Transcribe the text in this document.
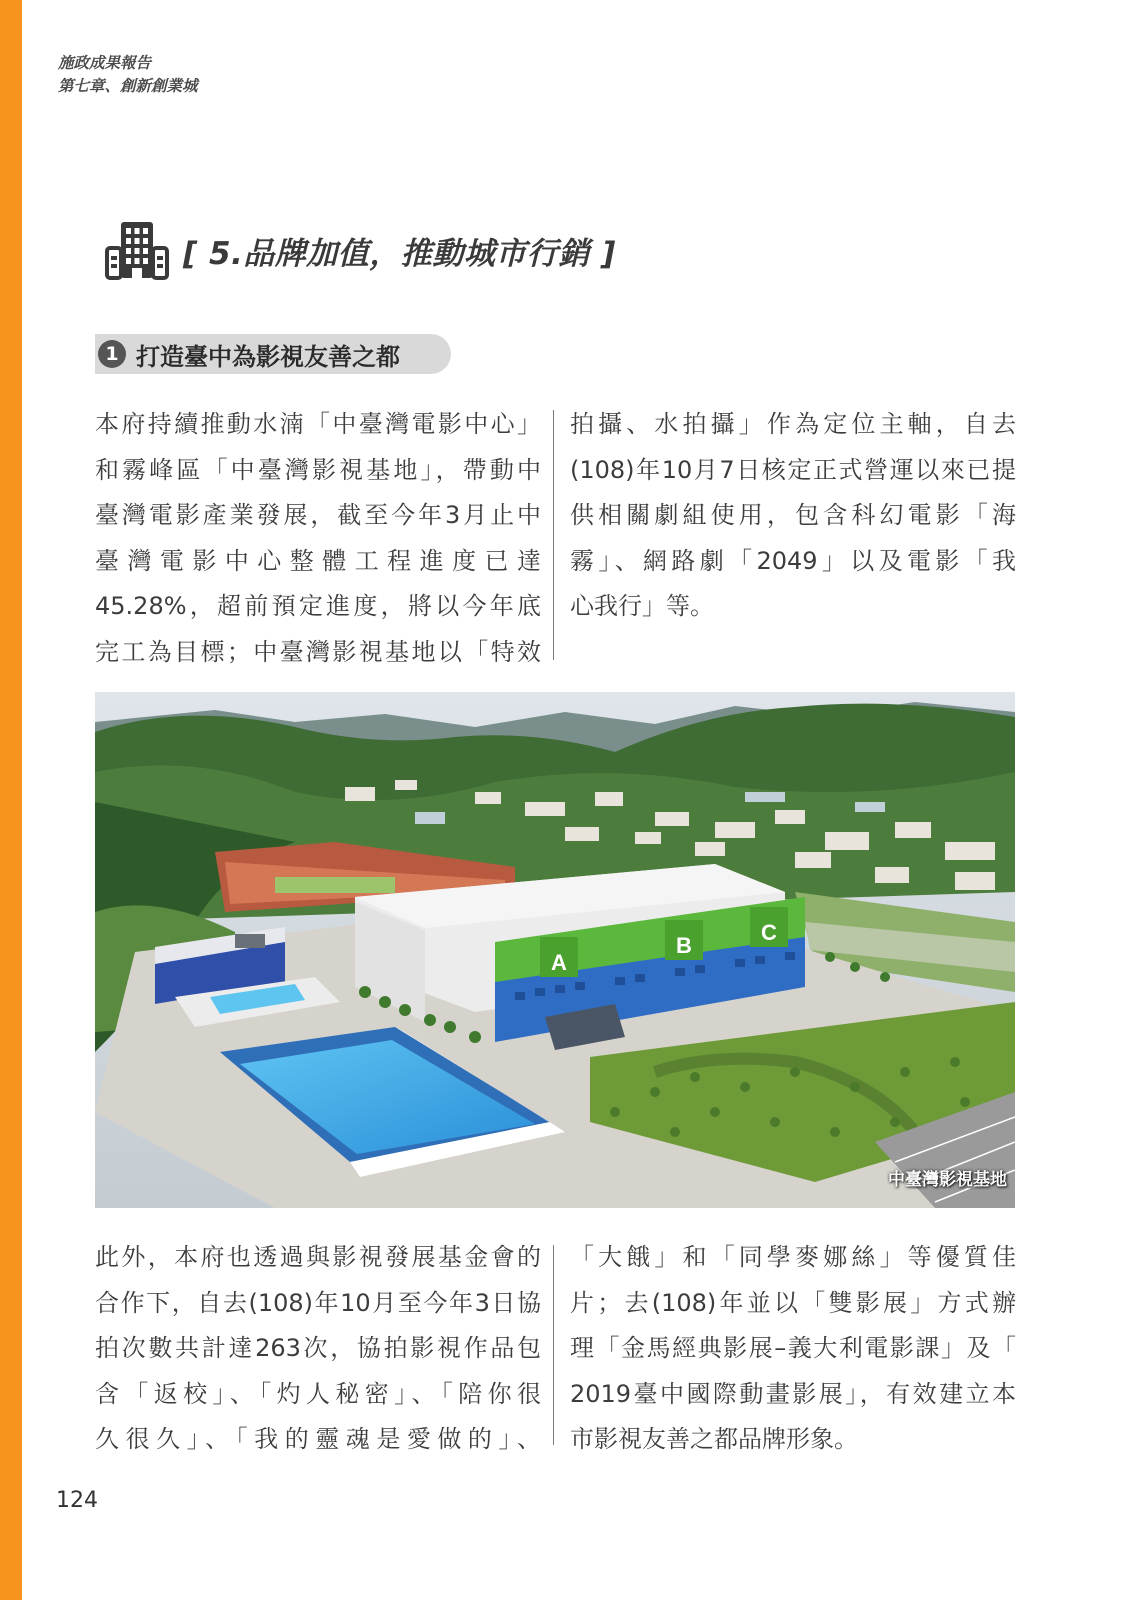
施政成果報告
第七章、創新創業城
[ 5.品牌加值，推動城市行銷 ]
1 打造臺中為影視友善之都
本府持續推動水湳「中臺灣電影中心」
和霧峰區「中臺灣影視基地」，帶動中
臺灣電影產業發展，截至今年3月止中
臺灣電影中心整體工程進度已達
45.28%，超前預定進度，將以今年底
完工為目標；中臺灣影視基地以「特效
拍攝、水拍攝」作為定位主軸，自去
(108)年10月7日核定正式營運以來已提
供相關劇組使用，包含科幻電影「海
霧」、網路劇「2049」以及電影「我
心我行」等。
A
B
C
中臺灣影視基地
此外，本府也透過與影視發展基金會的
合作下，自去(108)年10月至今年3日協
拍次數共計達263次，協拍影視作品包
含「返校」、「灼人秘密」、「陪你很
久很久」、「我的靈魂是愛做的」、
「大餓」和「同學麥娜絲」等優質佳
片；去(108)年並以「雙影展」方式辦
理「金馬經典影展–義大利電影課」及「
2019臺中國際動畫影展」，有效建立本
市影視友善之都品牌形象。
124
